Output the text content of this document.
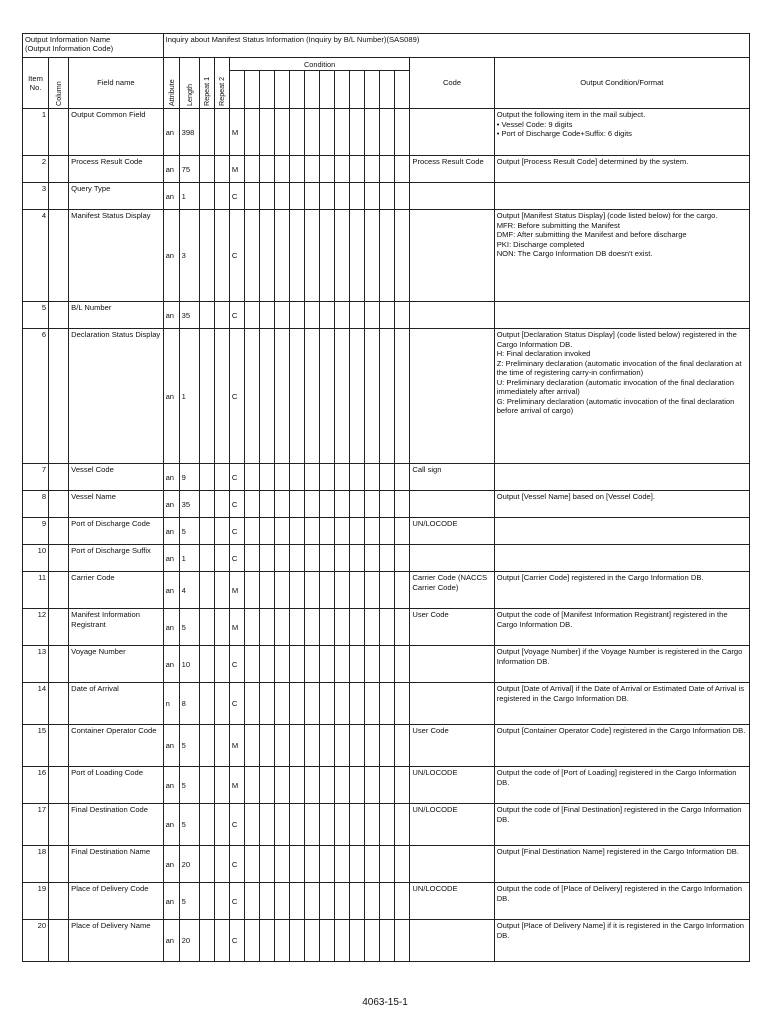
Output Information Name
(Output Information Code)			Inquiry about Manifest Status Information (Inquiry by B/L Number)(SAS089)																	
Item
No.	Column	Field name	Attribute	Length	Repeat 1	Repeat 2	Condition												Code	Output Condition/Format

1		Output Common Field	an	398			M													Output the following item in the mail subject.
• Vessel Code: 9 digits
• Port of Discharge Code+Suffix: 6 digits
2		Process Result Code	an	75			M												Process Result Code	Output [Process Result Code] determined by the system.
3		Query Type	an	1			C													
4		Manifest Status Display	an	3			C													Output [Manifest Status Display] (code listed below) for the cargo.
MFR: Before submitting the Manifest
DMF: After submitting the Manifest and before discharge
PKI: Discharge completed
NON: The Cargo Information DB doesn't exist.
5		B/L Number	an	35			C													
6		Declaration Status Display	an	1			C													Output [Declaration Status Display] (code listed below) registered in the Cargo Information DB.
H: Final declaration invoked
Z: Preliminary declaration (automatic invocation of the final declaration at the time of registering carry-in confirmation)
U: Preliminary declaration (automatic invocation of the final declaration immediately after arrival)
G: Preliminary declaration (automatic invocation of the final declaration before arrival of cargo)
7		Vessel Code	an	9			C												Call sign	
8		Vessel Name	an	35			C													Output [Vessel Name] based on [Vessel Code].
9		Port of Discharge Code	an	5			C												UN/LOCODE	
10		Port of Discharge Suffix	an	1			C													
11		Carrier Code	an	4			M												Carrier Code (NACCS Carrier Code)	Output [Carrier Code] registered in the Cargo Information DB.
12		Manifest Information Registrant	an	5			M												User Code	Output the code of [Manifest Information Registrant] registered in the Cargo Information DB.
13		Voyage Number	an	10			C													Output [Voyage Number] if the Voyage Number is registered in the Cargo Information DB.
14		Date of Arrival	n	8			C													Output [Date of Arrival] if the Date of Arrival or Estimated Date of Arrival is registered in the Cargo Information DB.
15		Container Operator Code	an	5			M												User Code	Output [Container Operator Code] registered in the Cargo Information DB.
16		Port of Loading Code	an	5			M												UN/LOCODE	Output the code of [Port of Loading] registered in the Cargo Information DB.
17		Final Destination Code	an	5			C												UN/LOCODE	Output the code of [Final Destination] registered in the Cargo Information DB.
18		Final Destination Name	an	20			C													Output [Final Destination Name] registered in the Cargo Information DB.
19		Place of Delivery Code	an	5			C												UN/LOCODE	Output the code of [Place of Delivery] registered in the Cargo Information DB.
20		Place of Delivery Name	an	20			C													Output [Place of Delivery Name] if it is registered in the Cargo Information DB.
4063-15-1
